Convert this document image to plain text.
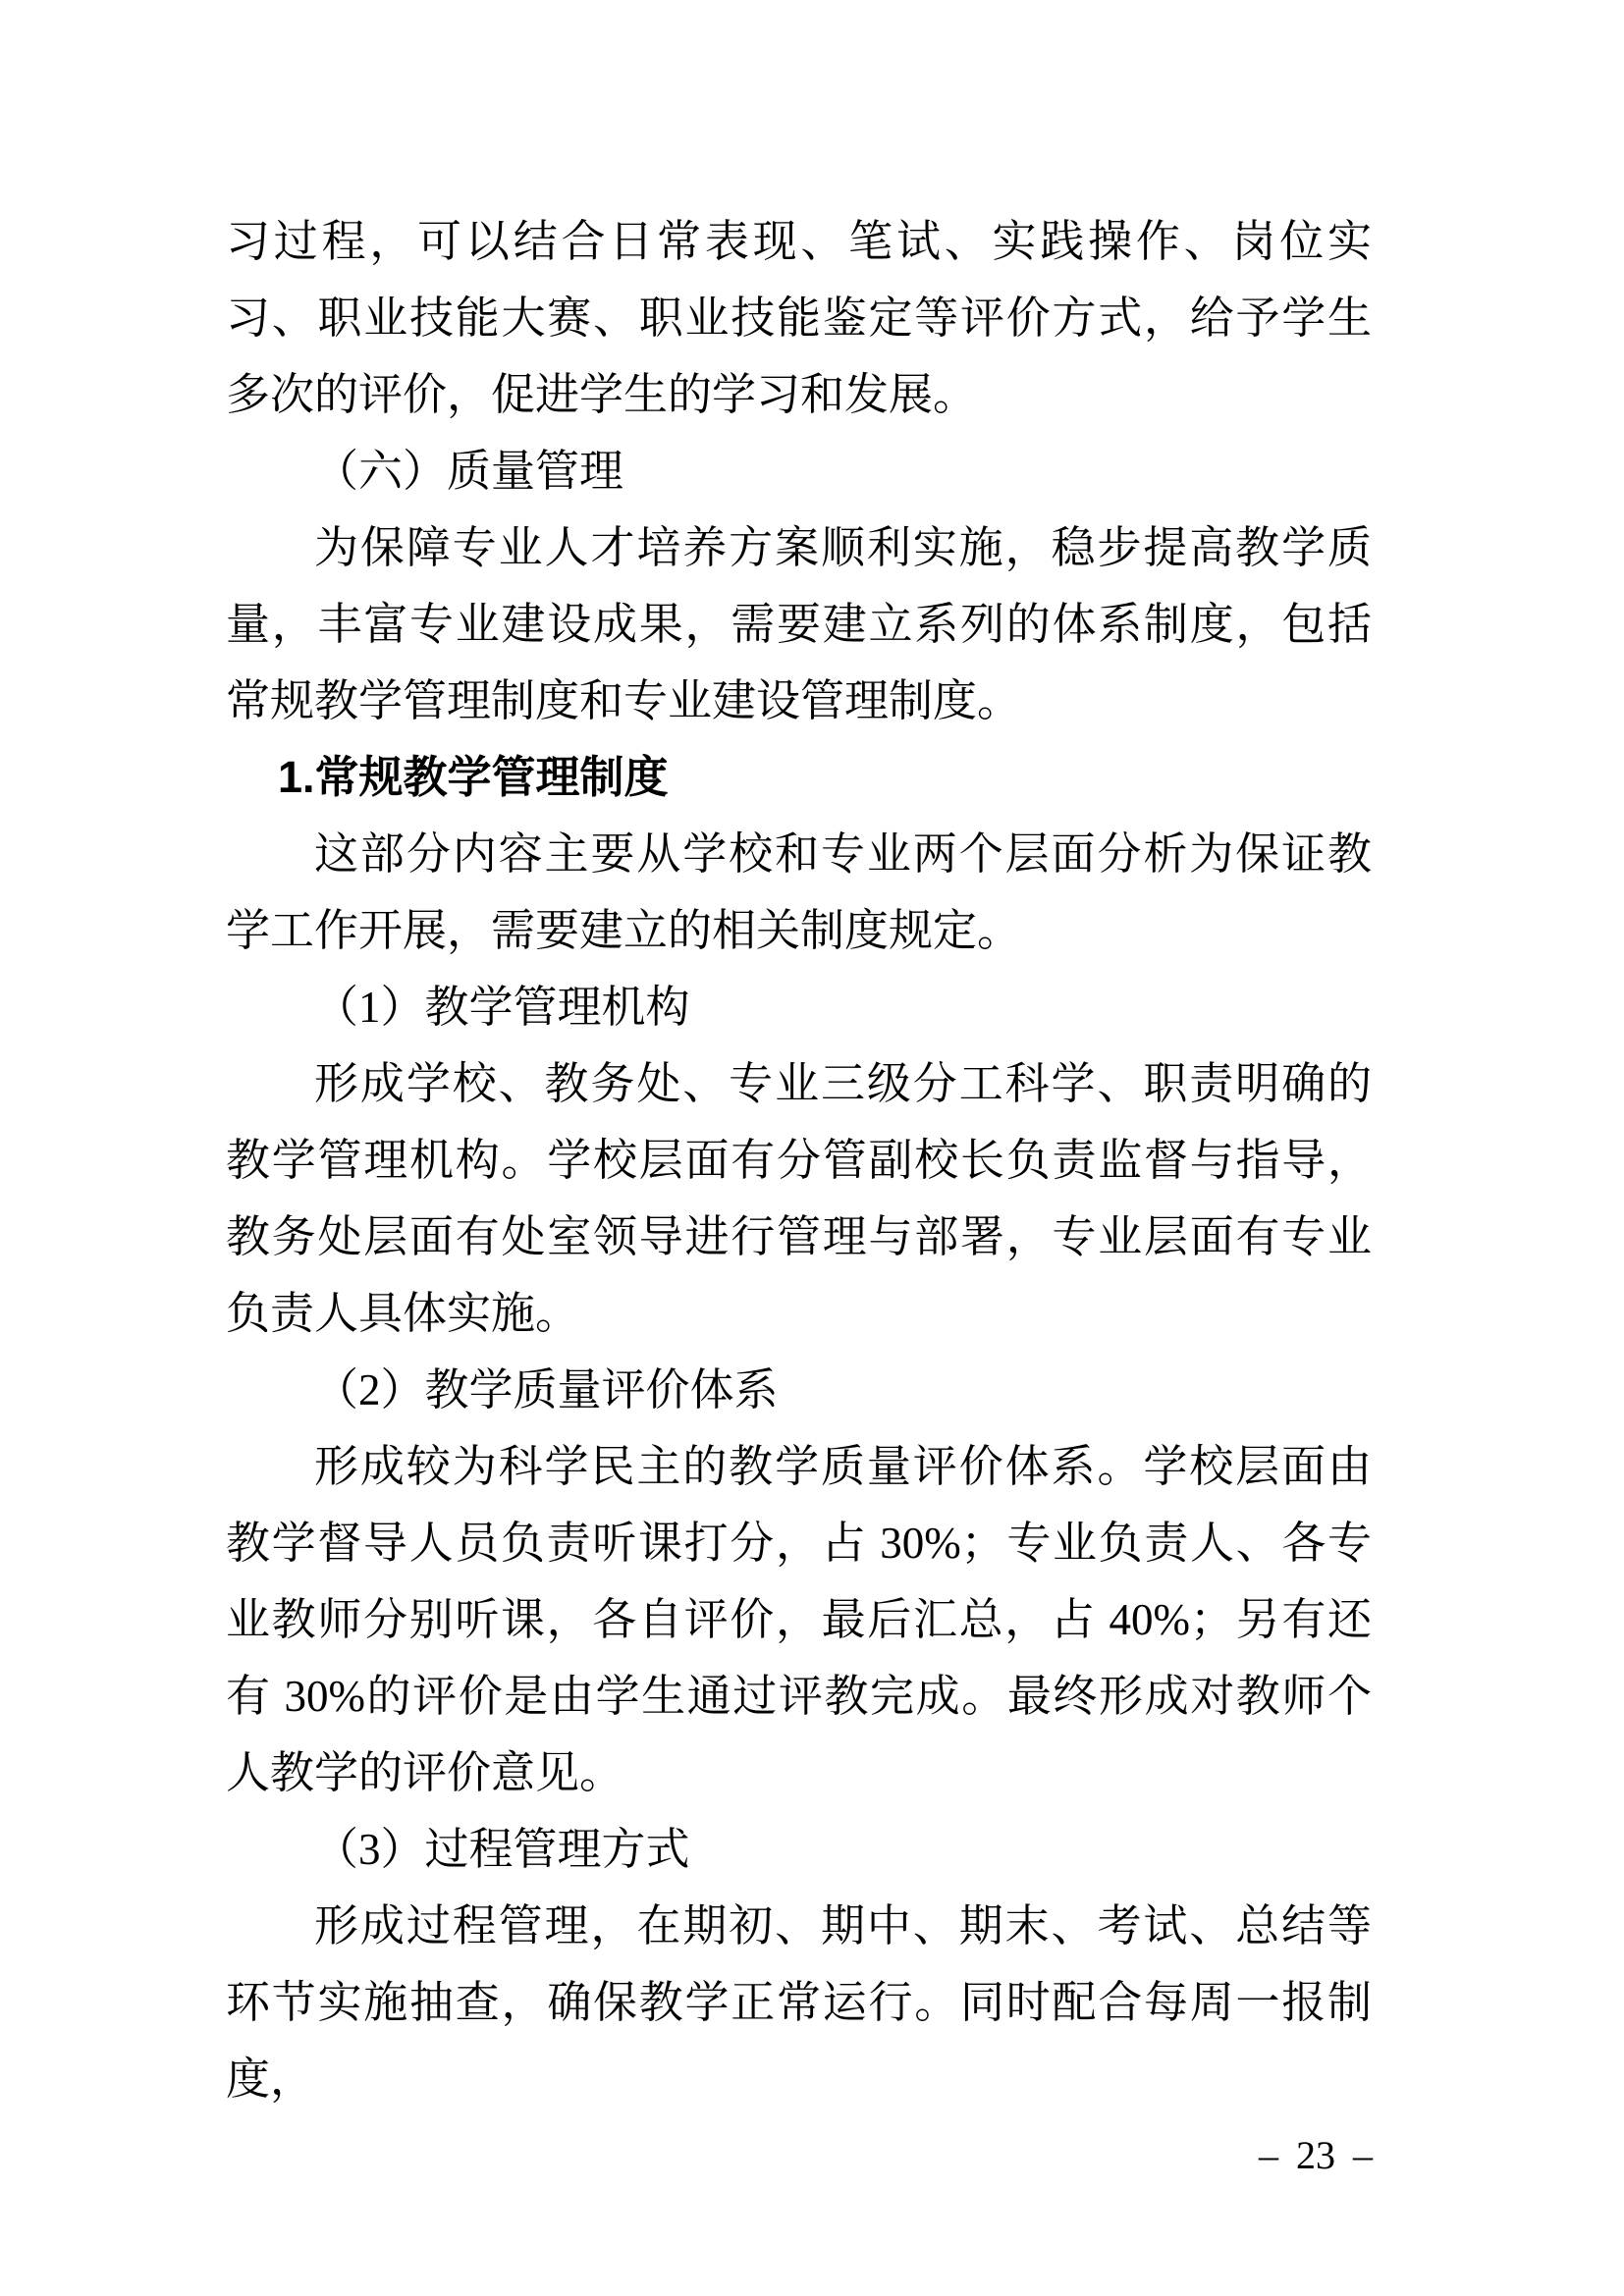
习过程，可以结合日常表现、笔试、实践操作、岗位实习、职业技能大赛、职业技能鉴定等评价方式，给予学生多次的评价，促进学生的学习和发展。

（六）质量管理

为保障专业人才培养方案顺利实施，稳步提高教学质量，丰富专业建设成果，需要建立系列的体系制度，包括常规教学管理制度和专业建设管理制度。

1.常规教学管理制度

这部分内容主要从学校和专业两个层面分析为保证教学工作开展，需要建立的相关制度规定。

（1）教学管理机构

形成学校、教务处、专业三级分工科学、职责明确的教学管理机构。学校层面有分管副校长负责监督与指导，教务处层面有处室领导进行管理与部署，专业层面有专业负责人具体实施。

（2）教学质量评价体系

形成较为科学民主的教学质量评价体系。学校层面由教学督导人员负责听课打分，占 30%；专业负责人、各专业教师分别听课，各自评价，最后汇总，占 40%；另有还有 30%的评价是由学生通过评教完成。最终形成对教师个人教学的评价意见。

（3）过程管理方式

形成过程管理，在期初、期中、期末、考试、总结等环节实施抽查，确保教学正常运行。同时配合每周一报制度，

– 23 –
